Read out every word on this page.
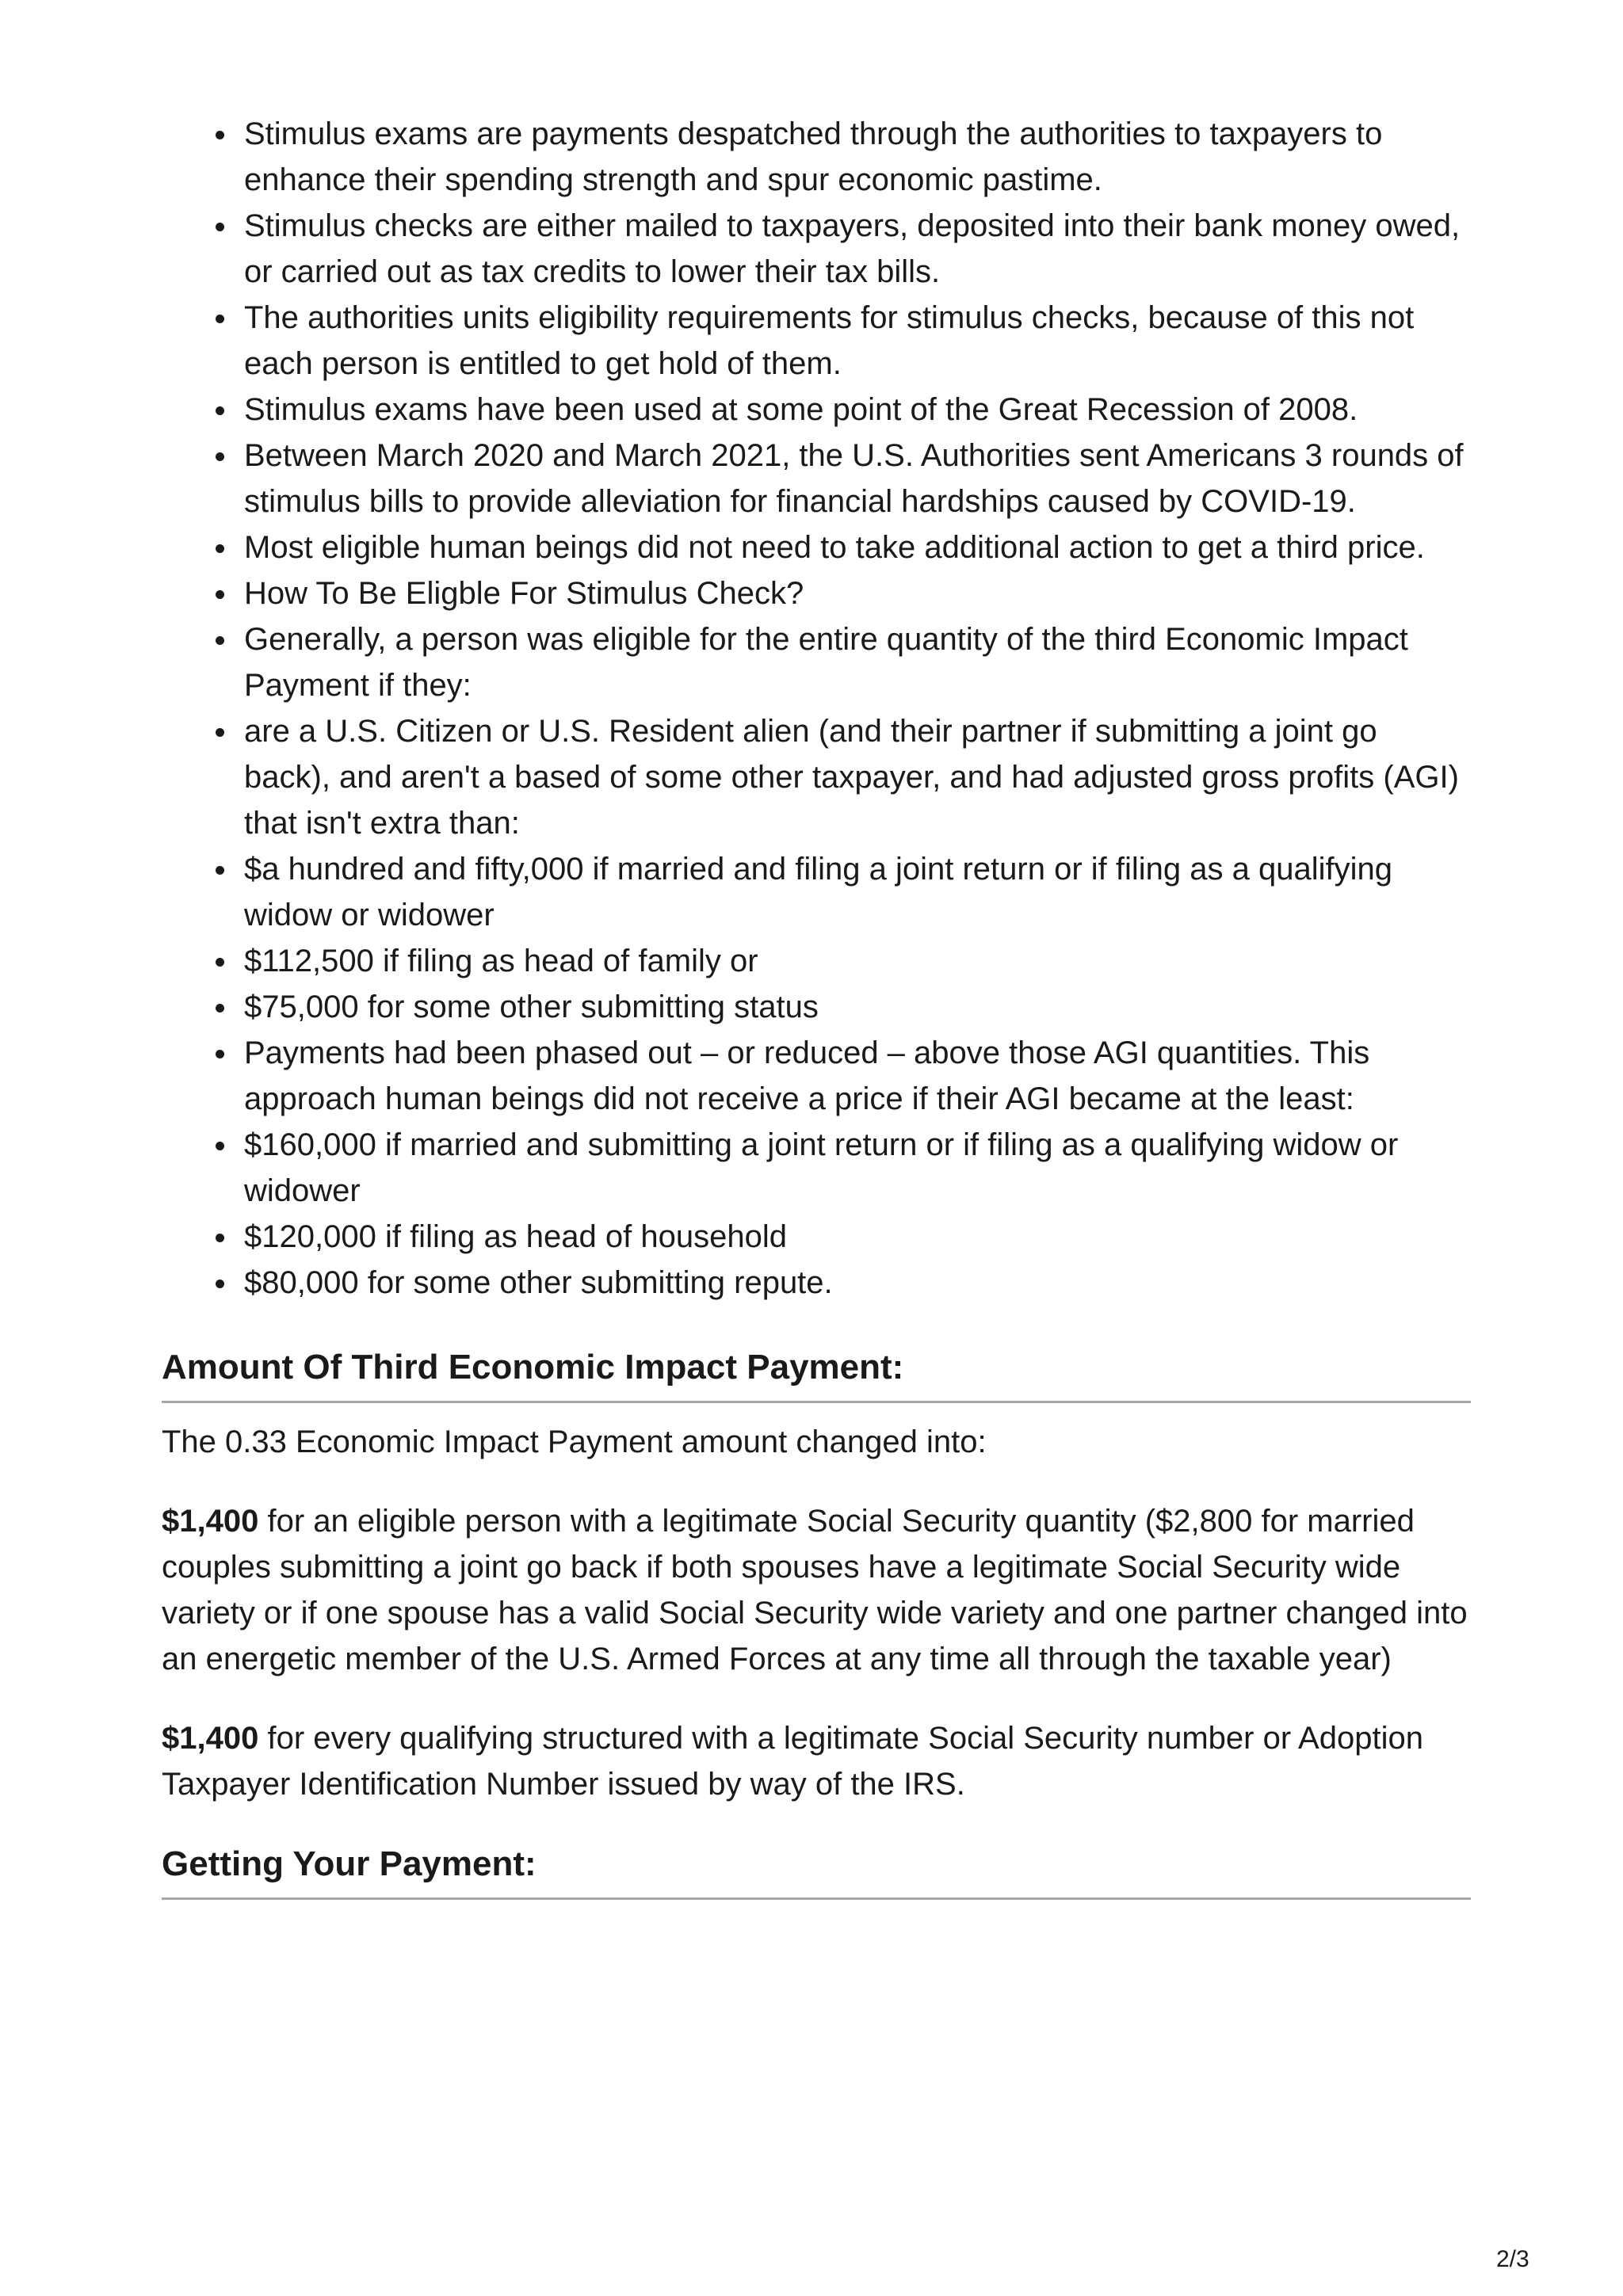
Stimulus exams are payments despatched through the authorities to taxpayers to enhance their spending strength and spur economic pastime.
Stimulus checks are either mailed to taxpayers, deposited into their bank money owed, or carried out as tax credits to lower their tax bills.
The authorities units eligibility requirements for stimulus checks, because of this not each person is entitled to get hold of them.
Stimulus exams have been used at some point of the Great Recession of 2008.
Between March 2020 and March 2021, the U.S. Authorities sent Americans 3 rounds of stimulus bills to provide alleviation for financial hardships caused by COVID-19.
Most eligible human beings did not need to take additional action to get a third price.
How To Be Eligble For Stimulus Check?
Generally, a person was eligible for the entire quantity of the third Economic Impact Payment if they:
are a U.S. Citizen or U.S. Resident alien (and their partner if submitting a joint go back), and aren't a based of some other taxpayer, and had adjusted gross profits (AGI) that isn't extra than:
$a hundred and fifty,000 if married and filing a joint return or if filing as a qualifying widow or widower
$112,500 if filing as head of family or
$75,000 for some other submitting status
Payments had been phased out – or reduced – above those AGI quantities. This approach human beings did not receive a price if their AGI became at the least:
$160,000 if married and submitting a joint return or if filing as a qualifying widow or widower
$120,000 if filing as head of household
$80,000 for some other submitting repute.
Amount Of Third Economic Impact Payment:

The 0.33 Economic Impact Payment amount changed into:

$1,400 for an eligible person with a legitimate Social Security quantity ($2,800 for married couples submitting a joint go back if both spouses have a legitimate Social Security wide variety or if one spouse has a valid Social Security wide variety and one partner changed into an energetic member of the U.S. Armed Forces at any time all through the taxable year)

$1,400 for every qualifying structured with a legitimate Social Security number or Adoption Taxpayer Identification Number issued by way of the IRS.

Getting Your Payment:
2/3
